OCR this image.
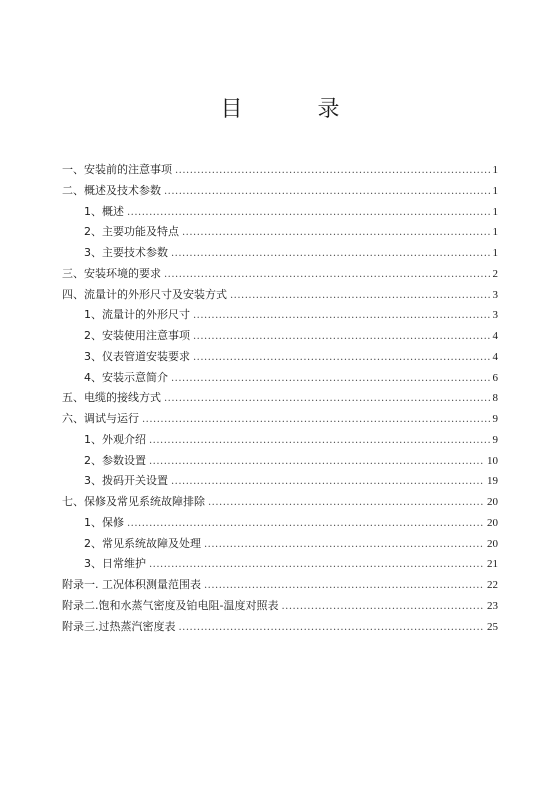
目 录
一、安装前的注意事项 .....	1
二、概述及技术参数 .....	1
1、概述 .....	1
2、主要功能及特点 .....	1
3、主要技术参数 .....	1
三、安装环境的要求 .....	2
四、流量计的外形尺寸及安装方式 .....	3
1、流量计的外形尺寸 .....	3
2、安装使用注意事项 .....	4
3、仪表管道安装要求 .....	4
4、安装示意简介 .....	6
五、电缆的接线方式 .....	8
六、调试与运行 .....	9
1、外观介绍 .....	9
2、参数设置 .....	10
3、拨码开关设置 .....	19
七、保修及常见系统故障排除 .....	20
1、保修 .....	20
2、常见系统故障及处理 .....	20
3、日常维护 .....	21
附录一. 工况体积测量范围表 .....	22
附录二.饱和水蒸气密度及铂电阻-温度对照表 .....	23
附录三.过热蒸汽密度表 .....	25
